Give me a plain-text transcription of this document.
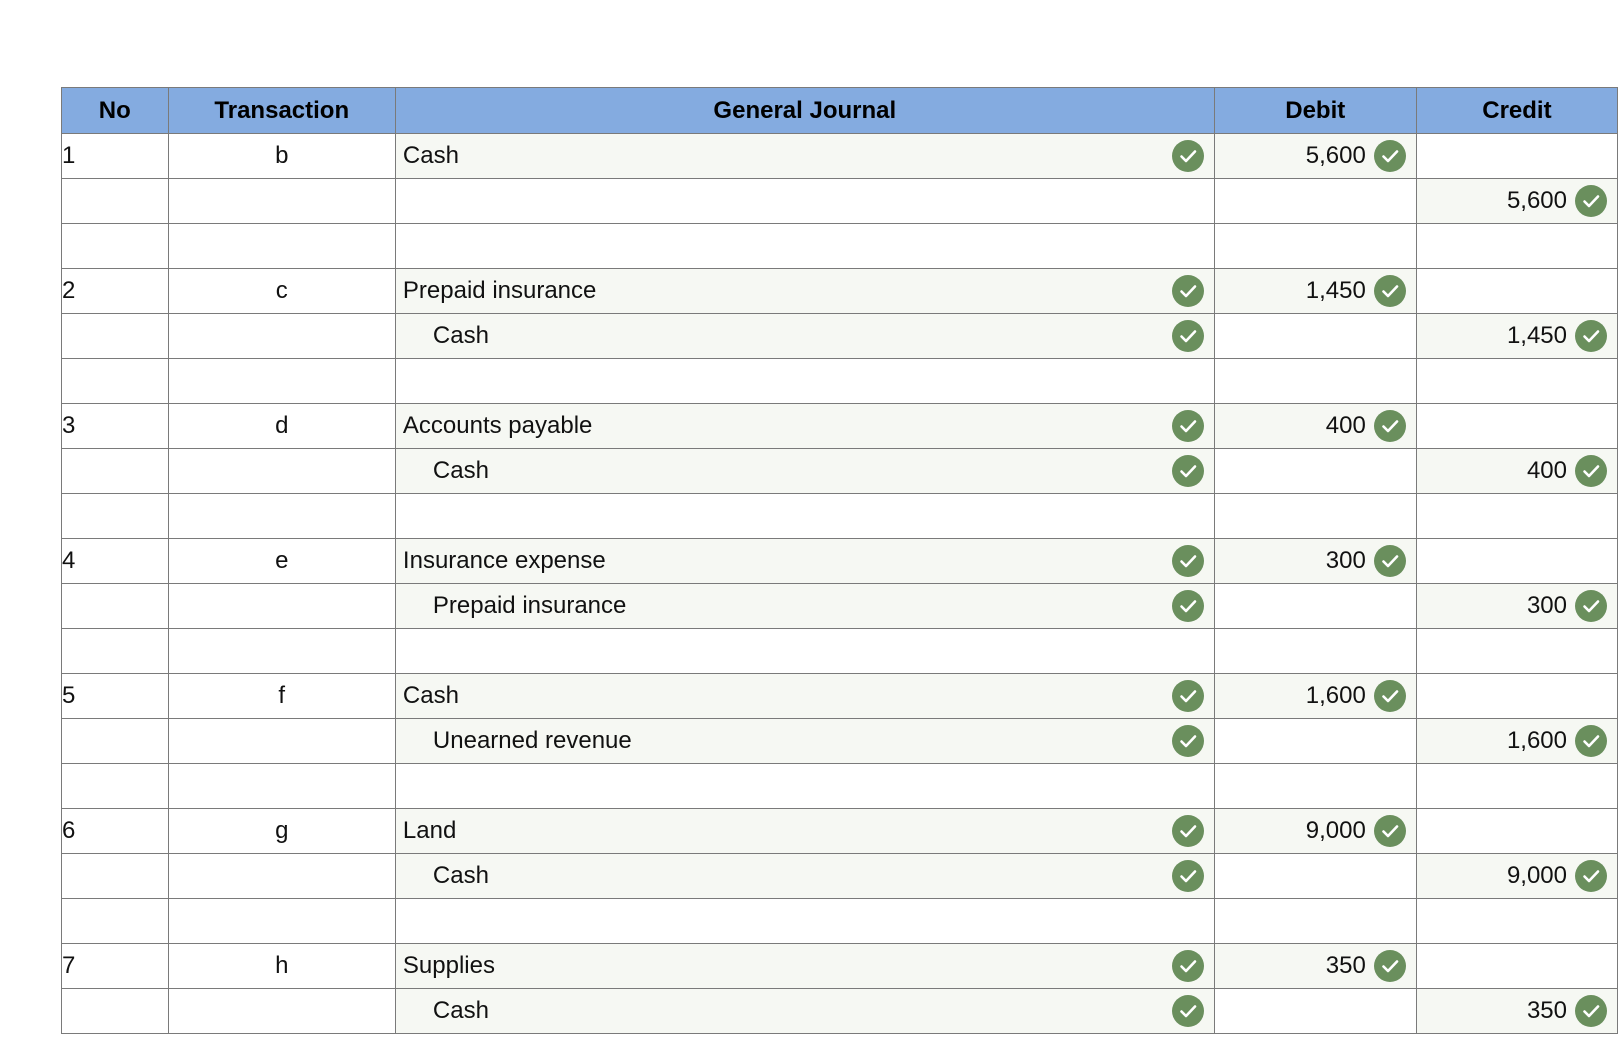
No	Transaction	General Journal	Debit	Credit
1	b	Cash	5,600	

				5,600

2	c	Prepaid insurance	1,450	

		Cash		1,450

3	d	Accounts payable	400	

		Cash		400

4	e	Insurance expense	300	

		Prepaid insurance		300

5	f	Cash	1,600	

		Unearned revenue		1,600

6	g	Land	9,000	

		Cash		9,000

7	h	Supplies	350	

		Cash		350
